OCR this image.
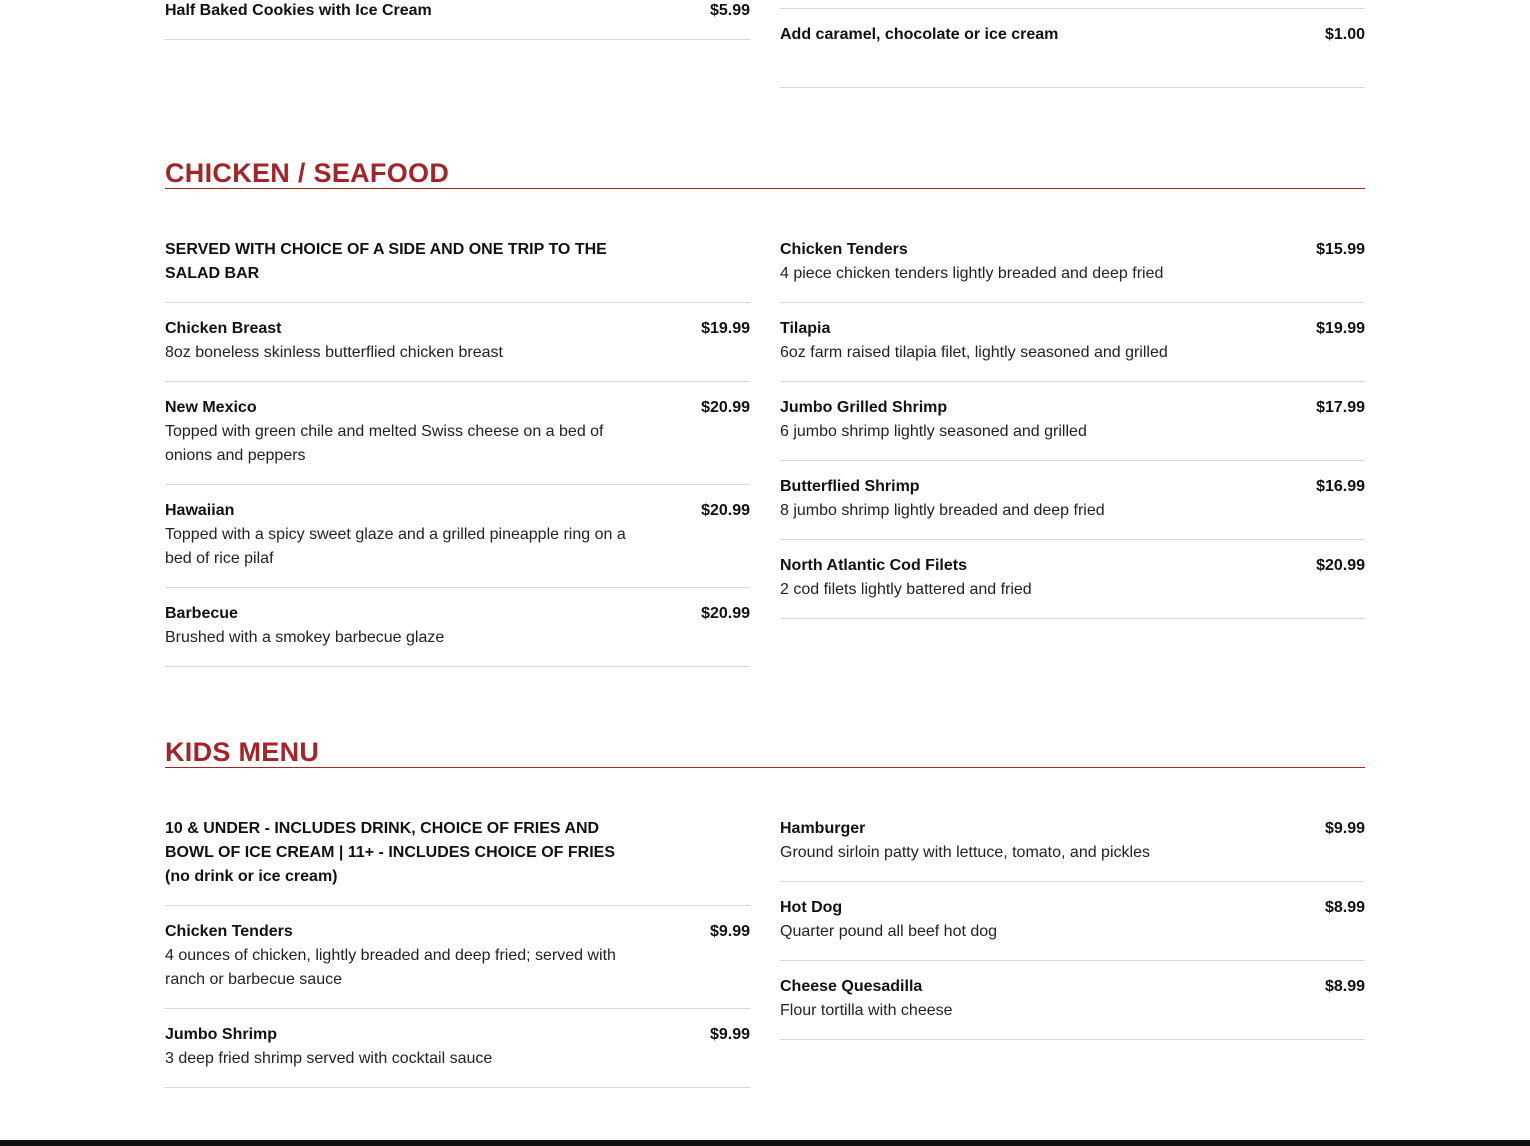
Half Baked Cookies with Ice Cream	$5.99
Add caramel, chocolate or ice cream	$1.00
CHICKEN / SEAFOOD
SERVED WITH CHOICE OF A SIDE AND ONE TRIP TO THE SALAD BAR
Chicken Breast	$19.99
8oz boneless skinless butterflied chicken breast
New Mexico	$20.99
Topped with green chile and melted Swiss cheese on a bed of onions and peppers
Hawaiian	$20.99
Topped with a spicy sweet glaze and a grilled pineapple ring on a bed of rice pilaf
Barbecue	$20.99
Brushed with a smokey barbecue glaze
Chicken Tenders	$15.99
4 piece chicken tenders lightly breaded and deep fried
Tilapia	$19.99
6oz farm raised tilapia filet, lightly seasoned and grilled
Jumbo Grilled Shrimp	$17.99
6 jumbo shrimp lightly seasoned and grilled
Butterflied Shrimp	$16.99
8 jumbo shrimp lightly breaded and deep fried
North Atlantic Cod Filets	$20.99
2 cod filets lightly battered and fried
KIDS MENU
10 & UNDER - INCLUDES DRINK, CHOICE OF FRIES AND BOWL OF ICE CREAM | 11+ - INCLUDES CHOICE OF FRIES (no drink or ice cream)
Chicken Tenders	$9.99
4 ounces of chicken, lightly breaded and deep fried; served with ranch or barbecue sauce
Jumbo Shrimp	$9.99
3 deep fried shrimp served with cocktail sauce
Hamburger	$9.99
Ground sirloin patty with lettuce, tomato, and pickles
Hot Dog	$8.99
Quarter pound all beef hot dog
Cheese Quesadilla	$8.99
Flour tortilla with cheese
